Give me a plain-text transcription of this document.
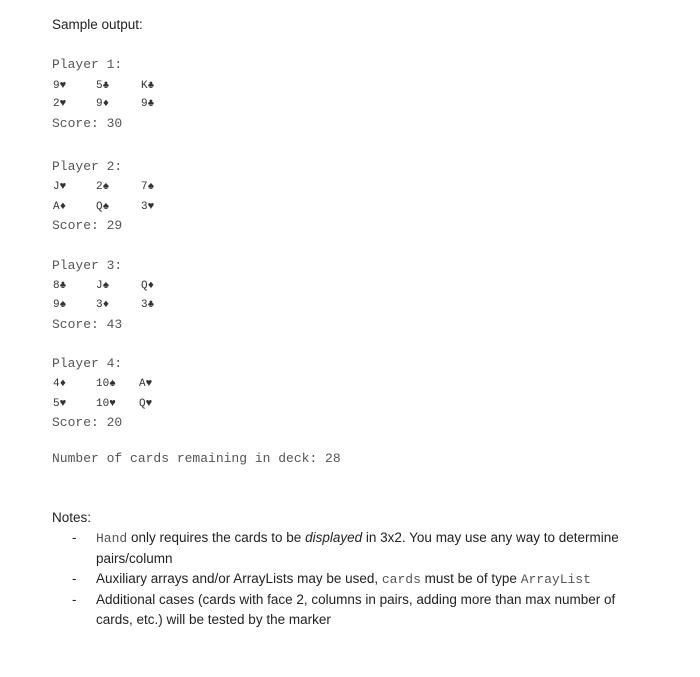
Sample output:
Player 1:
9♥	5♣	K♣
2♥	9♦	9♣
Score: 30
Player 2:
J♥	2♠	7♠
A♦	Q♠	3♥
Score: 29
Player 3:
8♣	J♠	Q♦
9♠	3♦	3♣
Score: 43
Player 4:
4♦	10♠ A♥
5♥	10♥ Q♥
Score: 20
Number of cards remaining in deck: 28
Notes:
- Hand only requires the cards to be displayed in 3x2. You may use any way to determine pairs/column
- Auxiliary arrays and/or ArrayLists may be used, cards must be of type ArrayList
- Additional cases (cards with face 2, columns in pairs, adding more than max number of cards, etc.) will be tested by the marker
